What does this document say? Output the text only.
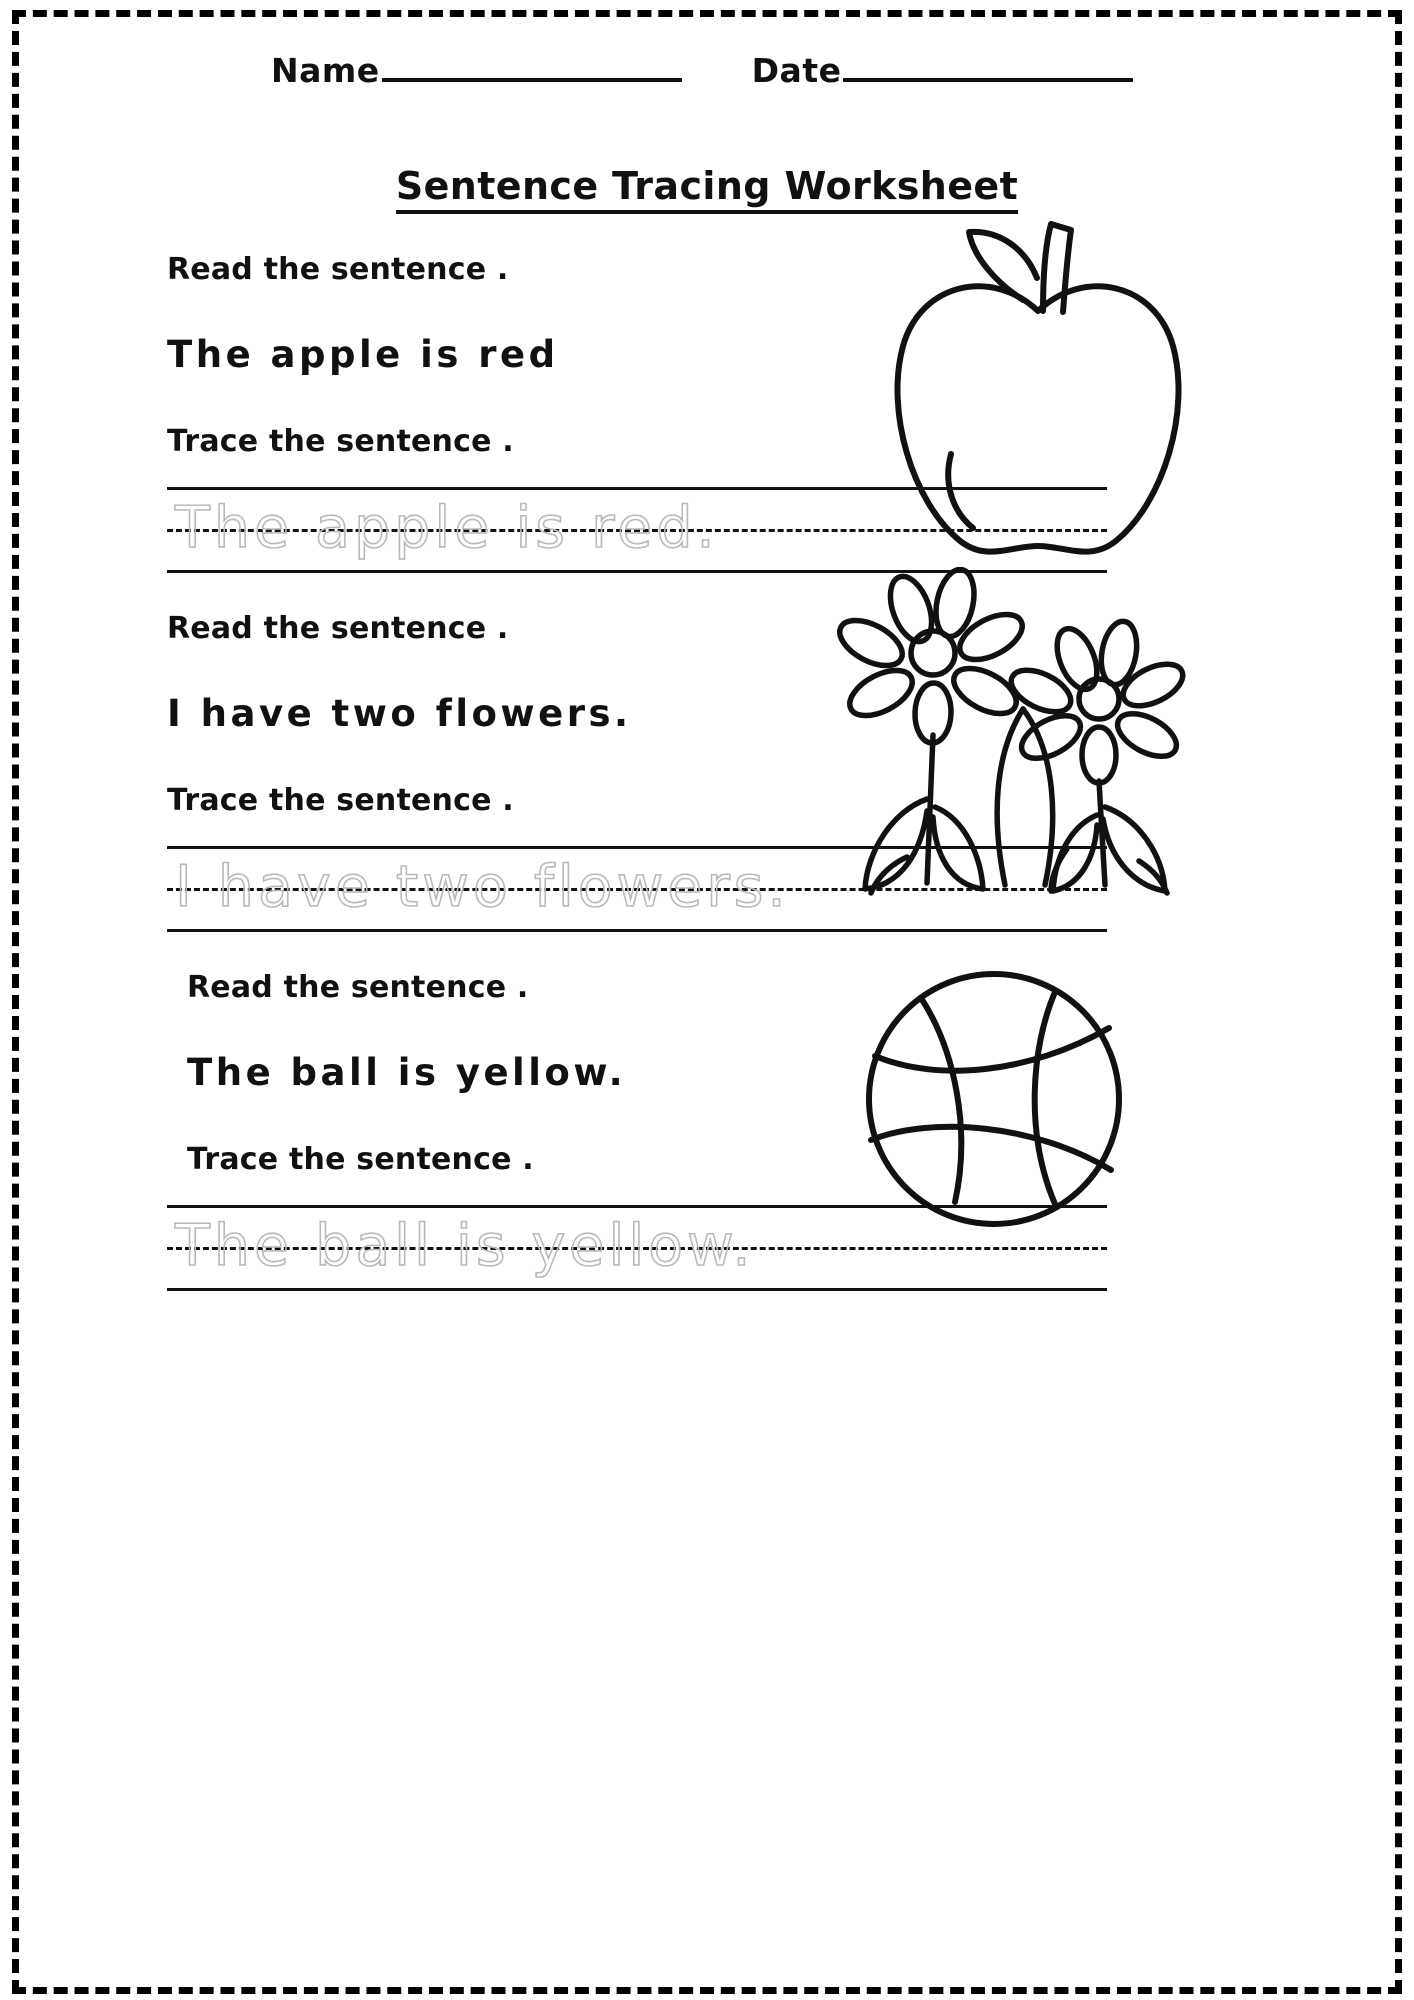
Name	Date
Sentence Tracing Worksheet
Read the sentence .
The apple is red
Trace the sentence .
The apple is red.
Read the sentence .
I have two flowers.
Trace the sentence .
I have two flowers.
Read the sentence .
The ball is yellow.
Trace the sentence .
The ball is yellow.
